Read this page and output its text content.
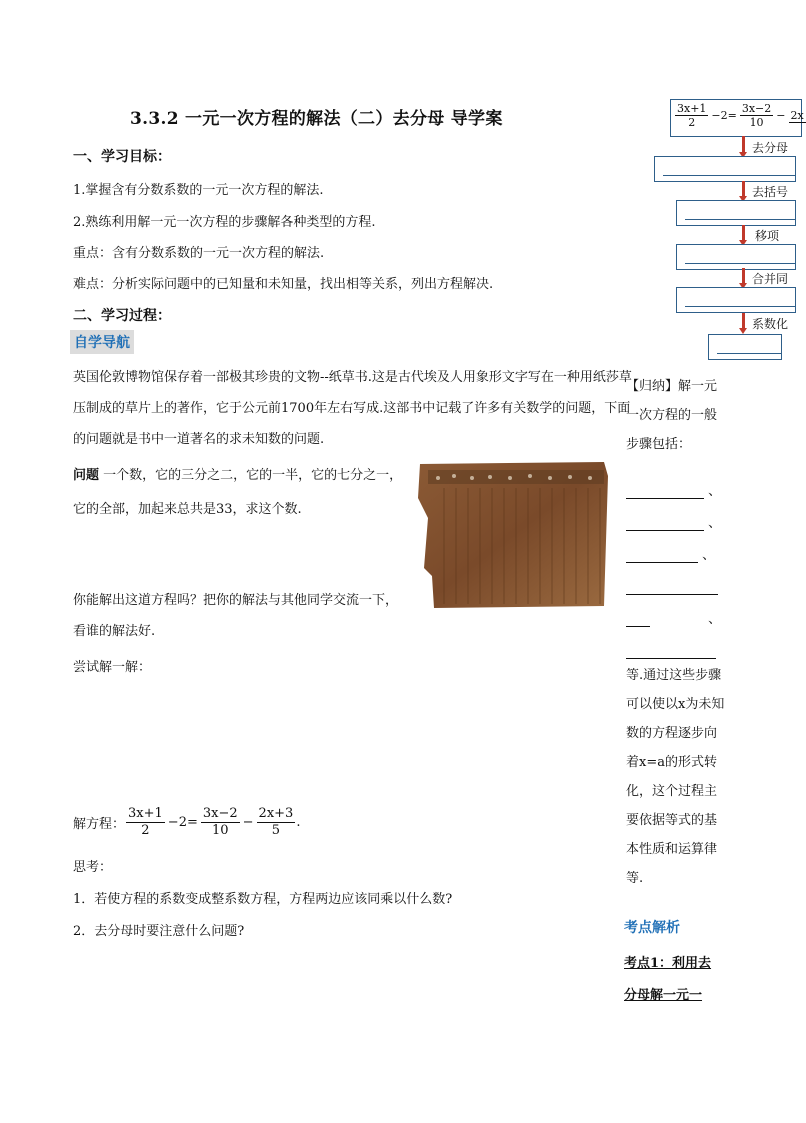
3.3.2 一元一次方程的解法（二）去分母 导学案
一、学习目标：
1.掌握含有分数系数的一元一次方程的解法.
2.熟练利用解一元一次方程的步骤解各种类型的方程.
重点：含有分数系数的一元一次方程的解法.
难点：分析实际问题中的已知量和未知量，找出相等关系，列出方程解决.
二、学习过程：
自学导航
英国伦敦博物馆保存着一部极其珍贵的文物--纸草书.这是古代埃及人用象形文字写在一种用纸莎草压制成的草片上的著作，它于公元前1700年左右写成.这部书中记载了许多有关数学的问题，下面的问题就是书中一道著名的求未知数的问题.
问题 一个数，它的三分之二，它的一半，它的七分之一，它的全部，加起来总共是33，求这个数.
你能解出这道方程吗？把你的解法与其他同学交流一下，看谁的解法好.
尝试解一解：
解方程： $\frac{3x+1}{2} -2= \frac{3x-2}{10} - \frac{2x+3}{5}$ .
思考：
1．若使方程的系数变成整系数方程，方程两边应该同乘以什么数?
2．去分母时要注意什么问题?
$\frac{3x+1}{2} -2= \frac{3x-2}{10} - 2x$
去分母
去括号
移项
合并同
系数化
【归纳】解一元一次方程的一般步骤包括：
、
、
、
、
等.通过这些步骤可以使以x为未知数的方程逐步向着x=a的形式转化，这个过程主要依据等式的基本性质和运算律等.
考点解析
考点1：利用去分母解一元一
